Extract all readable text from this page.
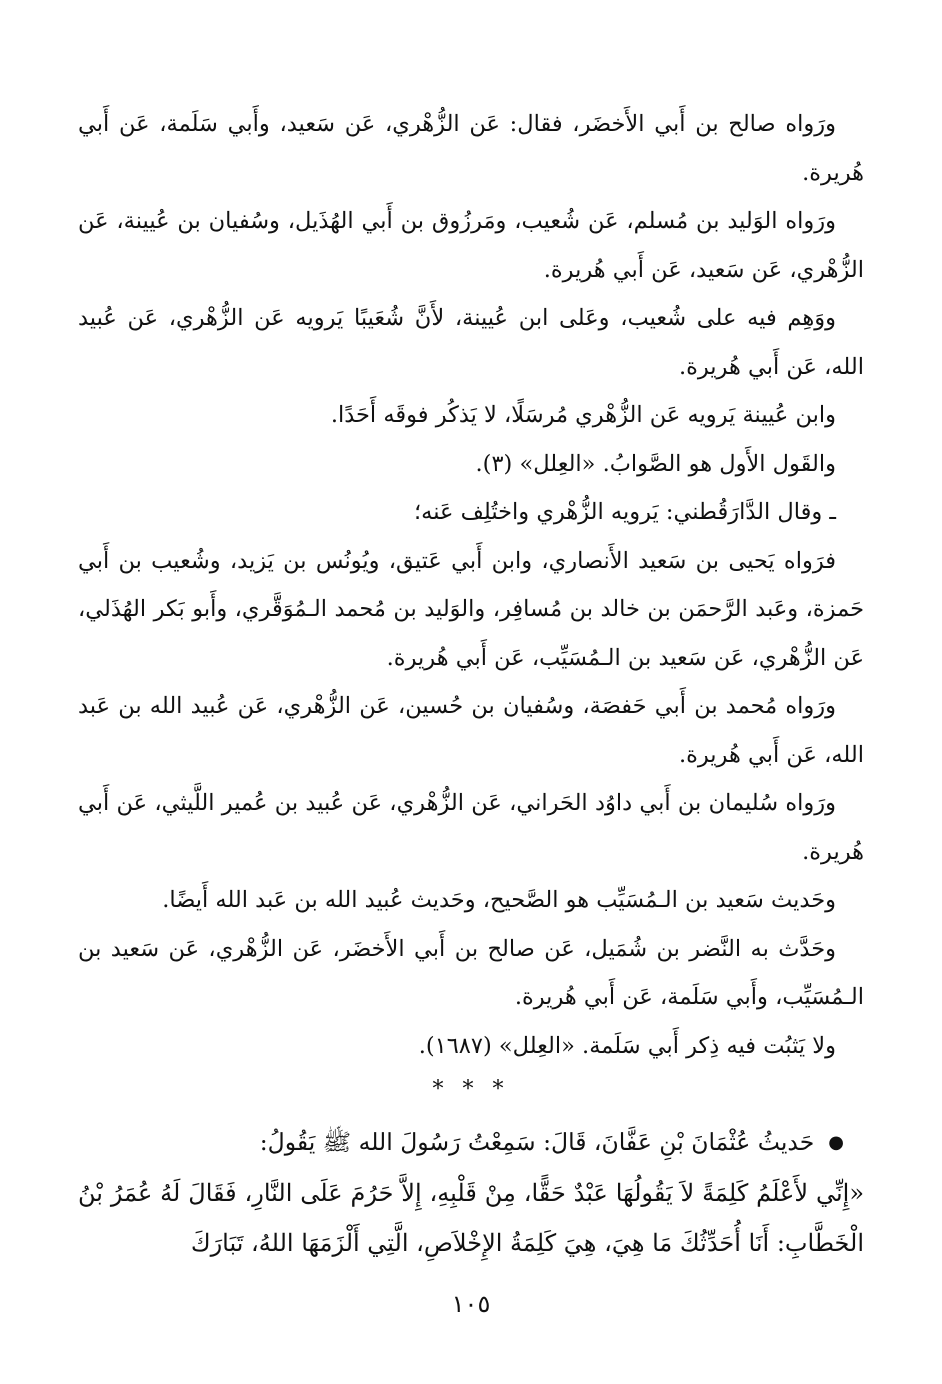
ورَواه صالح بن أَبي الأَخضَر، فقال: عَن الزُّهْري، عَن سَعيد، وأَبي سَلَمة، عَن أَبي هُريرة.

ورَواه الوَليد بن مُسلم، عَن شُعيب، ومَرزُوق بن أَبي الهُذَيل، وسُفيان بن عُيينة، عَن الزُّهْري، عَن سَعيد، عَن أَبي هُريرة.

ووَهِم فيه على شُعيب، وعَلى ابن عُيينة، لأَنَّ شُعَيبًا يَرويه عَن الزُّهْري، عَن عُبيد الله، عَن أَبي هُريرة.

وابن عُيينة يَرويه عَن الزُّهْري مُرسَلًا، لا يَذكُر فوقَه أَحَدًا.

والقَول الأَول هو الصَّوابُ. «العِلل» (٣).

ـ وقال الدَّارَقُطني: يَرويه الزُّهْري واختُلِف عَنه؛

فرَواه يَحيى بن سَعيد الأَنصاري، وابن أَبي عَتيق، ويُونُس بن يَزيد، وشُعيب بن أَبي حَمزة، وعَبد الرَّحمَن بن خالد بن مُسافِر، والوَليد بن مُحمد الـمُوَقَّري، وأَبو بَكر الهُذَلي، عَن الزُّهْري، عَن سَعيد بن الـمُسَيِّب، عَن أَبي هُريرة.

ورَواه مُحمد بن أَبي حَفصَة، وسُفيان بن حُسين، عَن الزُّهْري، عَن عُبيد الله بن عَبد الله، عَن أَبي هُريرة.

ورَواه سُليمان بن أَبي داوُد الحَراني، عَن الزُّهْري، عَن عُبيد بن عُمير اللَّيثي، عَن أَبي هُريرة.

وحَديث سَعيد بن الـمُسَيِّب هو الصَّحيح، وحَديث عُبيد الله بن عَبد الله أَيضًا.

وحَدَّث به النَّضر بن شُمَيل، عَن صالح بن أَبي الأَخضَر، عَن الزُّهْري، عَن سَعيد بن الـمُسَيِّب، وأَبي سَلَمة، عَن أَبي هُريرة.

ولا يَثبُت فيه ذِكر أَبي سَلَمة. «العِلل» (١٦٨٧).

* * *

●حَديثُ عُثْمَانَ بْنِ عَفَّانَ، قَالَ: سَمِعْتُ رَسُولَ الله ﷺ يَقُولُ:

«إِنِّي لأَعْلَمُ كَلِمَةً لاَ يَقُولُهَا عَبْدٌ حَقًّا، مِنْ قَلْبِهِ، إِلاَّ حَرُمَ عَلَى النَّارِ، فَقَالَ لَهُ عُمَرُ بْنُ الْخَطَّابِ: أَنَا أُحَدِّثُكَ مَا هِيَ، هِيَ كَلِمَةُ الإِخْلاَصِ، الَّتِي أَلْزَمَهَا اللهُ، تَبَارَكَ

١٠٥
